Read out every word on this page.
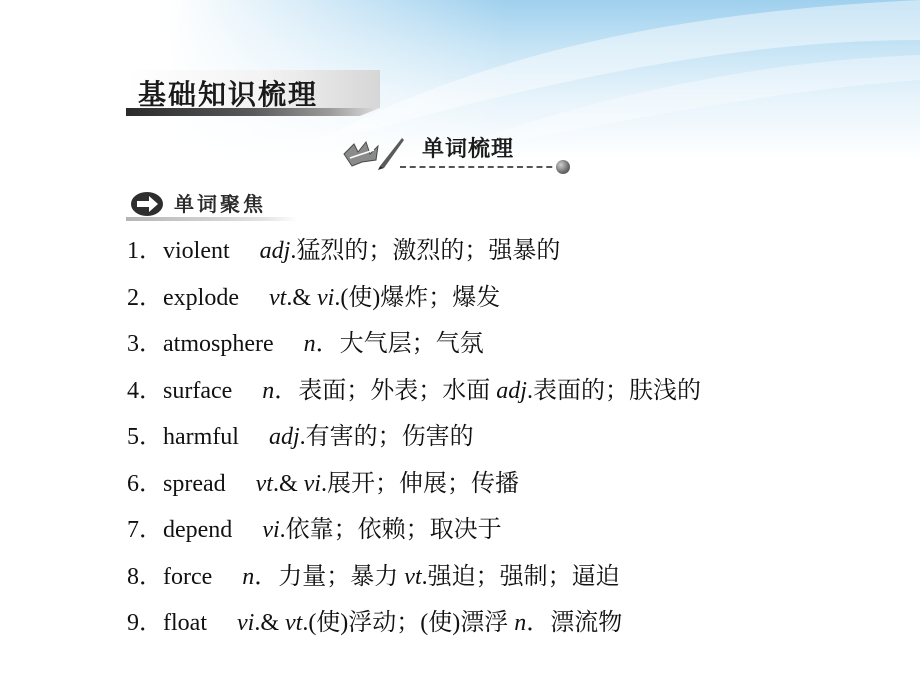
基础知识梳理
单词梳理
单词聚焦
1．violent adj.猛烈的；激烈的；强暴的
2．explode vt.& vi.(使)爆炸；爆发
3．atmosphere n．大气层；气氛
4．surface n．表面；外表；水面 adj.表面的；肤浅的
5．harmful adj.有害的；伤害的
6．spread vt.& vi.展开；伸展；传播
7．depend vi.依靠；依赖；取决于
8．force n．力量；暴力 vt.强迫；强制；逼迫
9．float vi.& vt.(使)浮动；(使)漂浮 n．漂流物
